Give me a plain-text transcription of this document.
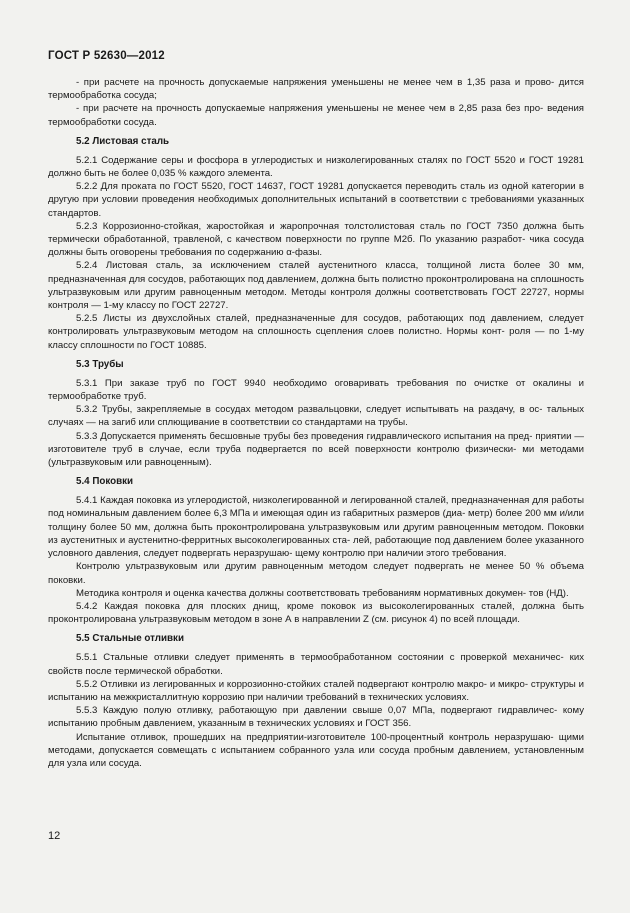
ГОСТ Р 52630—2012

- при расчете на прочность допускаемые напряжения уменьшены не менее чем в 1,35 раза и прово- дится термообработка сосуда;

- при расчете на прочность допускаемые напряжения уменьшены не менее чем в 2,85 раза без про- ведения термообработки сосуда.

5.2 Листовая сталь

5.2.1 Содержание серы и фосфора в углеродистых и низколегированных сталях по ГОСТ 5520 и ГОСТ 19281 должно быть не более 0,035 % каждого элемента.

5.2.2 Для проката по ГОСТ 5520, ГОСТ 14637, ГОСТ 19281 допускается переводить сталь из одной категории в другую при условии проведения необходимых дополнительных испытаний в соответствии с требованиями указанных стандартов.

5.2.3 Коррозионно-стойкая, жаростойкая и жаропрочная толстолистовая сталь по ГОСТ 7350 должна быть термически обработанной, травленой, с качеством поверхности по группе М2б. По указанию разработ- чика сосуда должны быть оговорены требования по содержанию α-фазы.

5.2.4 Листовая сталь, за исключением сталей аустенитного класса, толщиной листа более 30 мм, предназначенная для сосудов, работающих под давлением, должна быть полистно проконтролирована на сплошность ультразвуковым или другим равноценным методом. Методы контроля должны соответствовать ГОСТ 22727, нормы контроля — 1-му классу по ГОСТ 22727.

5.2.5 Листы из двухслойных сталей, предназначенные для сосудов, работающих под давлением, следует контролировать ультразвуковым методом на сплошность сцепления слоев полистно. Нормы конт- роля — по 1-му классу сплошности по ГОСТ 10885.

5.3 Трубы

5.3.1 При заказе труб по ГОСТ 9940 необходимо оговаривать требования по очистке от окалины и термообработке труб.

5.3.2 Трубы, закрепляемые в сосудах методом развальцовки, следует испытывать на раздачу, в ос- тальных случаях — на загиб или сплющивание в соответствии со стандартами на трубы.

5.3.3 Допускается применять бесшовные трубы без проведения гидравлического испытания на пред- приятии — изготовителе труб в случае, если труба подвергается по всей поверхности контролю физически- ми методами (ультразвуковым или равноценным).

5.4 Поковки

5.4.1 Каждая поковка из углеродистой, низколегированной и легированной сталей, предназначенная для работы под номинальным давлением более 6,3 МПа и имеющая один из габаритных размеров (диа- метр) более 200 мм и/или толщину более 50 мм, должна быть проконтролирована ультразвуковым или другим равноценным методом. Поковки из аустенитных и аустенитно-ферритных высоколегированных ста- лей, работающие под давлением более указанного условного давления, следует подвергать неразрушаю- щему контролю при наличии этого требования.

Контролю ультразвуковым или другим равноценным методом следует подвергать не менее 50 % объема поковки.

Методика контроля и оценка качества должны соответствовать требованиям нормативных докумен- тов (НД).

5.4.2 Каждая поковка для плоских днищ, кроме поковок из высоколегированных сталей, должна быть проконтролирована ультразвуковым методом в зоне А в направлении Z (см. рисунок 4) по всей площади.

5.5 Стальные отливки

5.5.1 Стальные отливки следует применять в термообработанном состоянии с проверкой механичес- ких свойств после термической обработки.

5.5.2 Отливки из легированных и коррозионно-стойких сталей подвергают контролю макро- и микро- структуры и испытанию на межкристаллитную коррозию при наличии требований в технических условиях.

5.5.3 Каждую полую отливку, работающую при давлении свыше 0,07 МПа, подвергают гидравличес- кому испытанию пробным давлением, указанным в технических условиях и ГОСТ 356.

Испытание отливок, прошедших на предприятии-изготовителе 100-процентный контроль неразрушаю- щими методами, допускается совмещать с испытанием собранного узла или сосуда пробным давлением, установленным для узла или сосуда.

12
